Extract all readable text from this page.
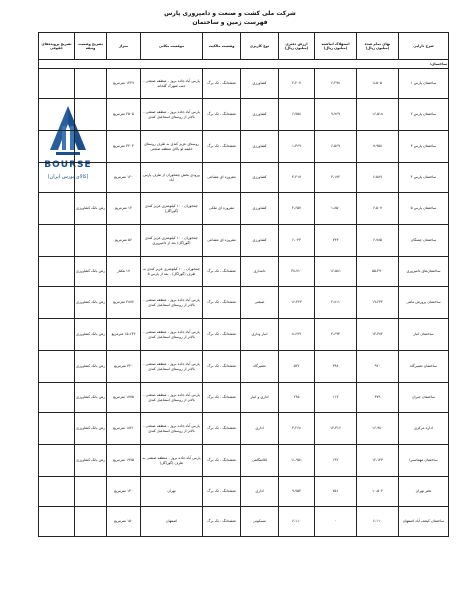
شرکت ملی کشت و صنعت و دامپروری پارس
فهرست زمین و ساختمان
BOURSE
(کالای بورس ایران)
شرح دارایی	بهای تمام شده (میلیون ریال)	استهلاک انباشته (میلیون ریال)	ارزش دفتری (میلیون ریال)	نوع کاربری	وضعیت مالکیت	موقعیت مکانی	متراژ	تشریح وضعیت وثیقه	تشریح پرونده‌های حقوقی
ساختمان:									
ساختمان پارس ۱	۸،۵۰۵	۶،۲۹۸	۲،۲۰۷	کشاورزی	ششدانگ - تک برگ	پارس آباد-جاده بروژ - منطقه صنعتی - جنب شهرک گلخانه	۱۳۲۹ مترمربع		
ساختمان پارس ۲	۱۶،۵۱۸	۹،۷۶۹	۶،۷۵۸	کشاورزی	ششدانگ - تک برگ	پارس آباد-جاده بروژ - منطقه صنعتی - بالاتر از روستای اسماعیل کندی	۲۵۰۵ مترمربع		
ساختمان پارس ۳	۷،۹۵۸	۶،۵۶۹	۱،۳۶۹	کشاورزی	ششدانگ - تک برگ	روستای عزیز کندی به طرف روستای خلیفه لو بالای منطقه صنعتی	۳۲۰۳ مترمربع		
ساختمان پارس ۴	۶،۵۸۹	۳،۱۷۲	۳،۴۱۷	کشاورزی	مفروزه ای مشاعی	ورودی بخش چمخوران از طرف پارس آباد	۱۲۰ مترمربع		
ساختمان پارس ۵	۶،۵۰۷	۱،۸۵۰	۴،۶۵۷	کشاورزی	مفروزه ای ملکی	چمخوران - ۱۰ کیلومتری عزیز کندی (گوراگل)	۱۴ مترمربع	رهن بانک کشاورزی	
ساختمان چمنگان	۶،۷۸۵	۷۴۳	۶،۰۴۳	کشاورزی	مفروزه ای مشاعی	چمخوران - ۱۰ کیلومتری عزیز کندی (گوراگل) بعد از دامپروری	۵۶ مترمربع		
ساختمان‌های دامپروری	۵۵،۲۹۰	۱۶،۵۸۱	۳۸،۷۱۰	دامداری	ششدانگ - تک برگ	چمخوران - ۱۰ کیلومتری عزیز کندی به طرف (گوراگل) - بعد از پارس ۵	۱۷ هکتار	رهن بانک کشاورزی	
ساختمان پرورش ماهی	۱۹،۲۳۴	۲،۸۱۱	۱۶،۴۲۳	صنعتی	ششدانگ - تک برگ	پارس آباد-جاده بروژ - منطقه صنعتی - بالاتر از روستای اسماعیل کندی	۴۸۷۷ مترمربع	رهن بانک کشاورزی	
ساختمان انبار	۱۳،۳۷۲	۴،۶۹۳	۸،۶۷۹	انبار وداری	ششدانگ - تک برگ	پارس آباد-جاده بروژ - منطقه صنعتی - بالاتر از روستای اسماعیل کندی	۱۵،۱۴۳ مترمربع	رهن بانک کشاورزی	
ساختمان تعمیرگاه	۹۲۰	۳۹۸	۵۲۲	تعمیرگاه	ششدانگ - تک برگ	پارس آباد-جاده بروژ - منطقه صنعتی - بالاتر از روستای اسماعیل کندی	۳۲۰ مترمربع	رهن بانک کشاورزی	
ساختمان جیران	۳۷۹	۱۱۳	۲۶۵	اداری و انبار	ششدانگ - تک برگ	پارس آباد-جاده بروژ - منطقه صنعتی - بالاتر از روستای اسماعیل کندی	۱۷۷۵ مترمربع	رهن بانک کشاورزی	
اداره مرکزی	۱۶،۹۸۰	۱۲،۳۱۶	۳،۲۶۸	اداری	ششدانگ - تک برگ	پارس آباد-جاده بروژ - منطقه صنعتی - بالاتر از روستای اسماعیل کندی	۱۸۲۱ مترمربع	رهن بانک کشاورزی	
ساختمان مهمانسرا	۱۲،۱۴۳	۱۹۲	۱۱،۹۵۱	اقامتگاهی	ششدانگ - تک برگ	پارس آباد-جاده بروژ - منطقه صنعتی به طرف (گوراگل)	۱۹۹۵ مترمربع	رهن بانک کشاورزی	
دفتر تهران	۱۰،۵۰۴	۷۵۱	۹،۷۵۳	اداری	ششدانگ - تک برگ	تهران	۱۳۰ مترمربع		
ساختمان کیجف آباد اصفهان	۶،۱۱۰	۰	۶،۱۱۰	مسکونی	ششدانگ - تک برگ	اصفهان	۱۵۰ مترمربع		
